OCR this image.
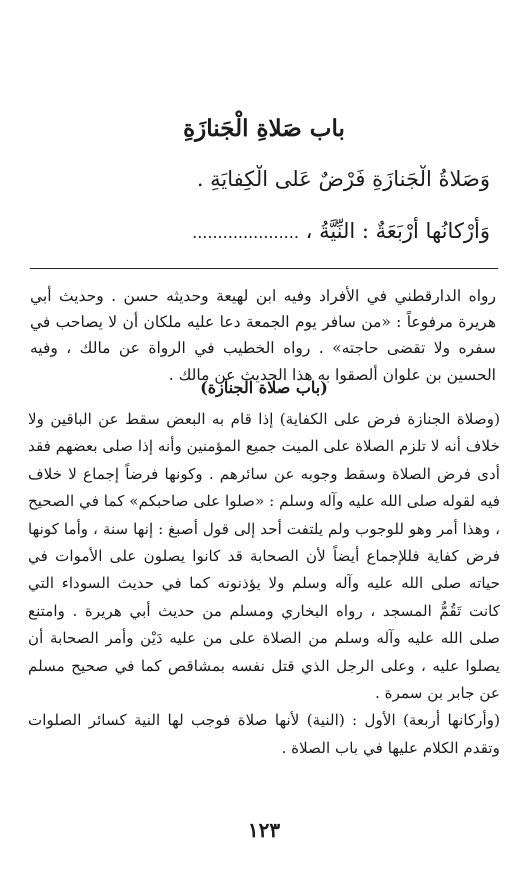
باب صَلاةِ الْجَنازَةِ

وَصَلاةُ الْجَنازَةِ فَرْضٌ عَلى الْكِفايَةِ .

وَأَرْكانُها أَرْبَعَةٌ : النِّيَّةُ ، .....................

رواه الدارقطني في الأفراد وفيه ابن لهيعة وحديثه حسن . وحديث أبي هريرة مرفوعاً : «من سافر يوم الجمعة دعا عليه ملكان أن لا يصاحب في سفره ولا تقضى حاجته» . رواه الخطيب في الرواة عن مالك ، وفيه الحسين بن علوان ألصقوا به هذا الحديث عن مالك .

(باب صلاة الجنازة)

(وصلاة الجنازة فرض على الكفاية) إذا قام به البعض سقط عن الباقين ولا خلاف أنه لا تلزم الصلاة على الميت جميع المؤمنين وأنه إذا صلى بعضهم فقد أدى فرض الصلاة وسقط وجوبه عن سائرهم . وكونها فرضاً إجماع لا خلاف فيه لقوله صلى الله عليه وآله وسلم : «صلوا على صاحبكم» كما في الصحيح ، وهذا أمر وهو للوجوب ولم يلتفت أحد إلى قول أصبغ : إنها سنة ، وأما كونها فرض كفاية فللإجماع أيضاً لأن الصحابة قد كانوا يصلون على الأموات في حياته صلى الله عليه وآله وسلم ولا يؤذنونه كما في حديث السوداء التي كانت تَقُمُّ المسجد ، رواه البخاري ومسلم من حديث أبي هريرة . وامتنع صلى الله عليه وآله وسلم من الصلاة على من عليه دَيْن وأمر الصحابة أن يصلوا عليه ، وعلى الرجل الذي قتل نفسه بمشاقص كما في صحيح مسلم عن جابر بن سمرة .

(وأركانها أربعة) الأول : (النية) لأنها صلاة فوجب لها النية كسائر الصلوات وتقدم الكلام عليها في باب الصلاة .

١٢٣
